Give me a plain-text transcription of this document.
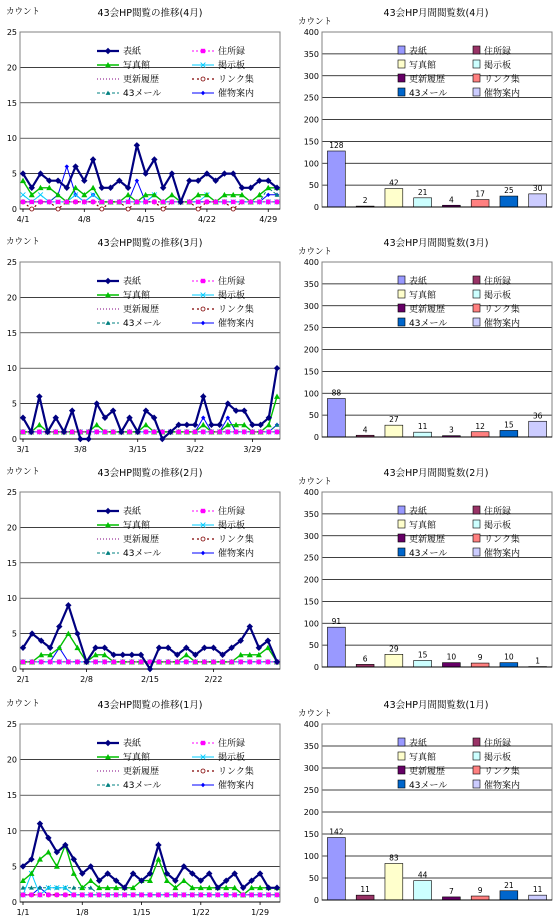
カウント	43会HP閲覧の推移(4月)
0
5
10
15
20
25
4/1	4/8	4/15	4/22	4/29
表紙	住所録
写真館	掲示板
更新履歴	リンク集
43メール	催物案内
カウント
43会HP月間閲覧数(4月)
0
50
100
150
200
250
300
350
400
128
2
42
21
4
17	25	30
表紙	住所録
写真館	掲示板
更新履歴	リンク集
43メール	催物案内
カウント	43会HP閲覧の推移(3月)
0
5
10
15
20
25
3/1	3/8	3/15	3/22	3/29
表紙	住所録
写真館	掲示板
更新履歴	リンク集
43メール	催物案内
カウント
43会HP月間閲覧数(3月)
0
50
100
150
200
250
300
350
400
88
4
27
11	3	12	15
36
表紙	住所録
写真館	掲示板
更新履歴	リンク集
43メール	催物案内
カウント	43会HP閲覧の推移(2月)
0
5
10
15
20
25
2/1	2/8	2/15	2/22
表紙	住所録
写真館	掲示板
更新履歴	リンク集
43メール	催物案内
カウント
43会HP月間閲覧数(2月)
0
50
100
150
200
250
300
350
400
91
6
29
15	10	9	10	1
表紙	住所録
写真館	掲示板
更新履歴	リンク集
43メール	催物案内
カウント	43会HP閲覧の推移(1月)
0
5
10
15
20
25
1/1	1/8	1/15	1/22	1/29
表紙	住所録
写真館	掲示板
更新履歴	リンク集
43メール	催物案内
カウント
43会HP月間閲覧数(1月)
0
50
100
150
200
250
300
350
400
142
11
83
44
7	9
21	11
表紙	住所録
写真館	掲示板
更新履歴	リンク集
43メール	催物案内
